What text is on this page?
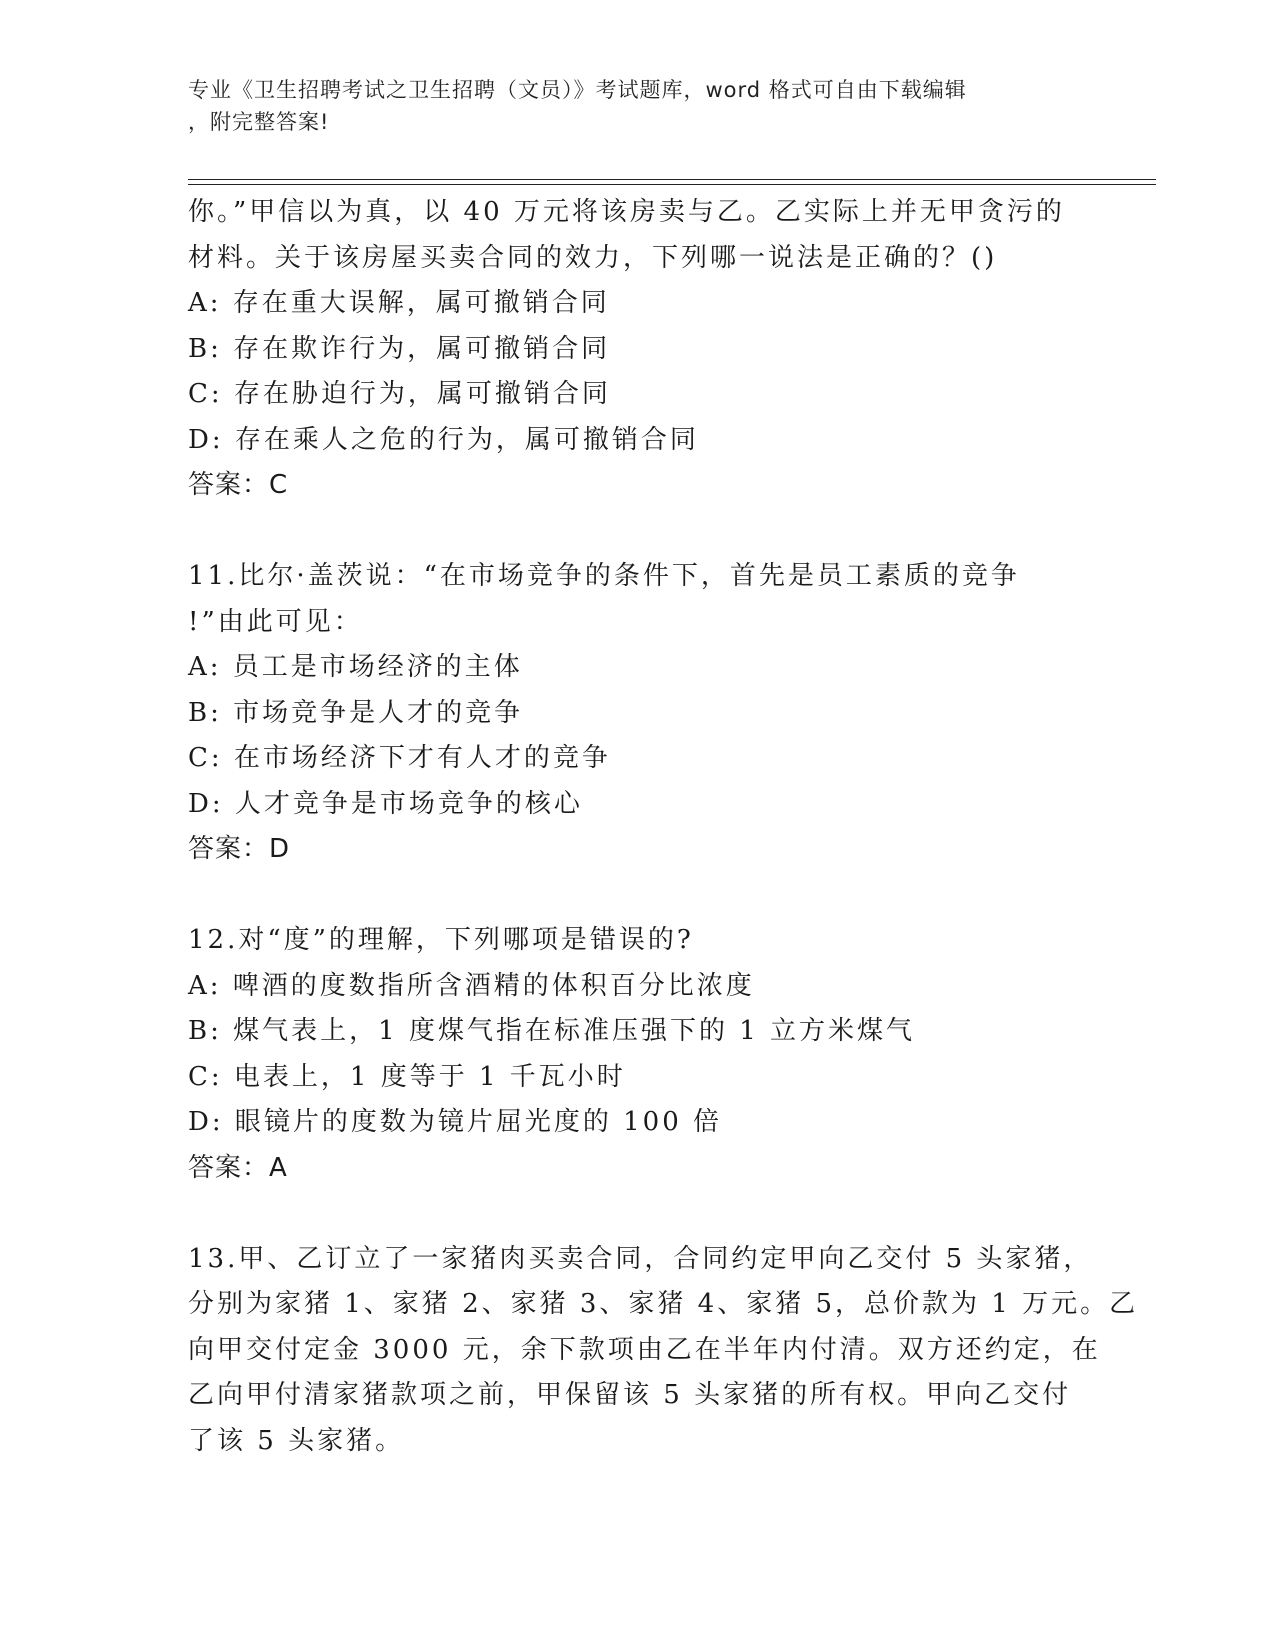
专业《卫生招聘考试之卫生招聘（文员）》考试题库，word 格式可自由下载编辑
，附完整答案!
你。”甲信以为真，以 40 万元将该房卖与乙。乙实际上并无甲贪污的
材料。关于该房屋买卖合同的效力，下列哪一说法是正确的？()
A: 存在重大误解，属可撤销合同
B: 存在欺诈行为，属可撤销合同
C: 存在胁迫行为，属可撤销合同
D: 存在乘人之危的行为，属可撤销合同
答案：C
11.比尔·盖茨说：“在市场竞争的条件下，首先是员工素质的竞争
!”由此可见：
A: 员工是市场经济的主体
B: 市场竞争是人才的竞争
C: 在市场经济下才有人才的竞争
D: 人才竞争是市场竞争的核心
答案：D
12.对“度”的理解，下列哪项是错误的?
A: 啤酒的度数指所含酒精的体积百分比浓度
B: 煤气表上，1 度煤气指在标准压强下的 1 立方米煤气
C: 电表上，1 度等于 1 千瓦小时
D: 眼镜片的度数为镜片屈光度的 100 倍
答案：A
13.甲、乙订立了一家猪肉买卖合同，合同约定甲向乙交付 5 头家猪，
分别为家猪 1、家猪 2、家猪 3、家猪 4、家猪 5，总价款为 1 万元。乙
向甲交付定金 3000 元，余下款项由乙在半年内付清。双方还约定，在
乙向甲付清家猪款项之前，甲保留该 5 头家猪的所有权。甲向乙交付
了该 5 头家猪。
